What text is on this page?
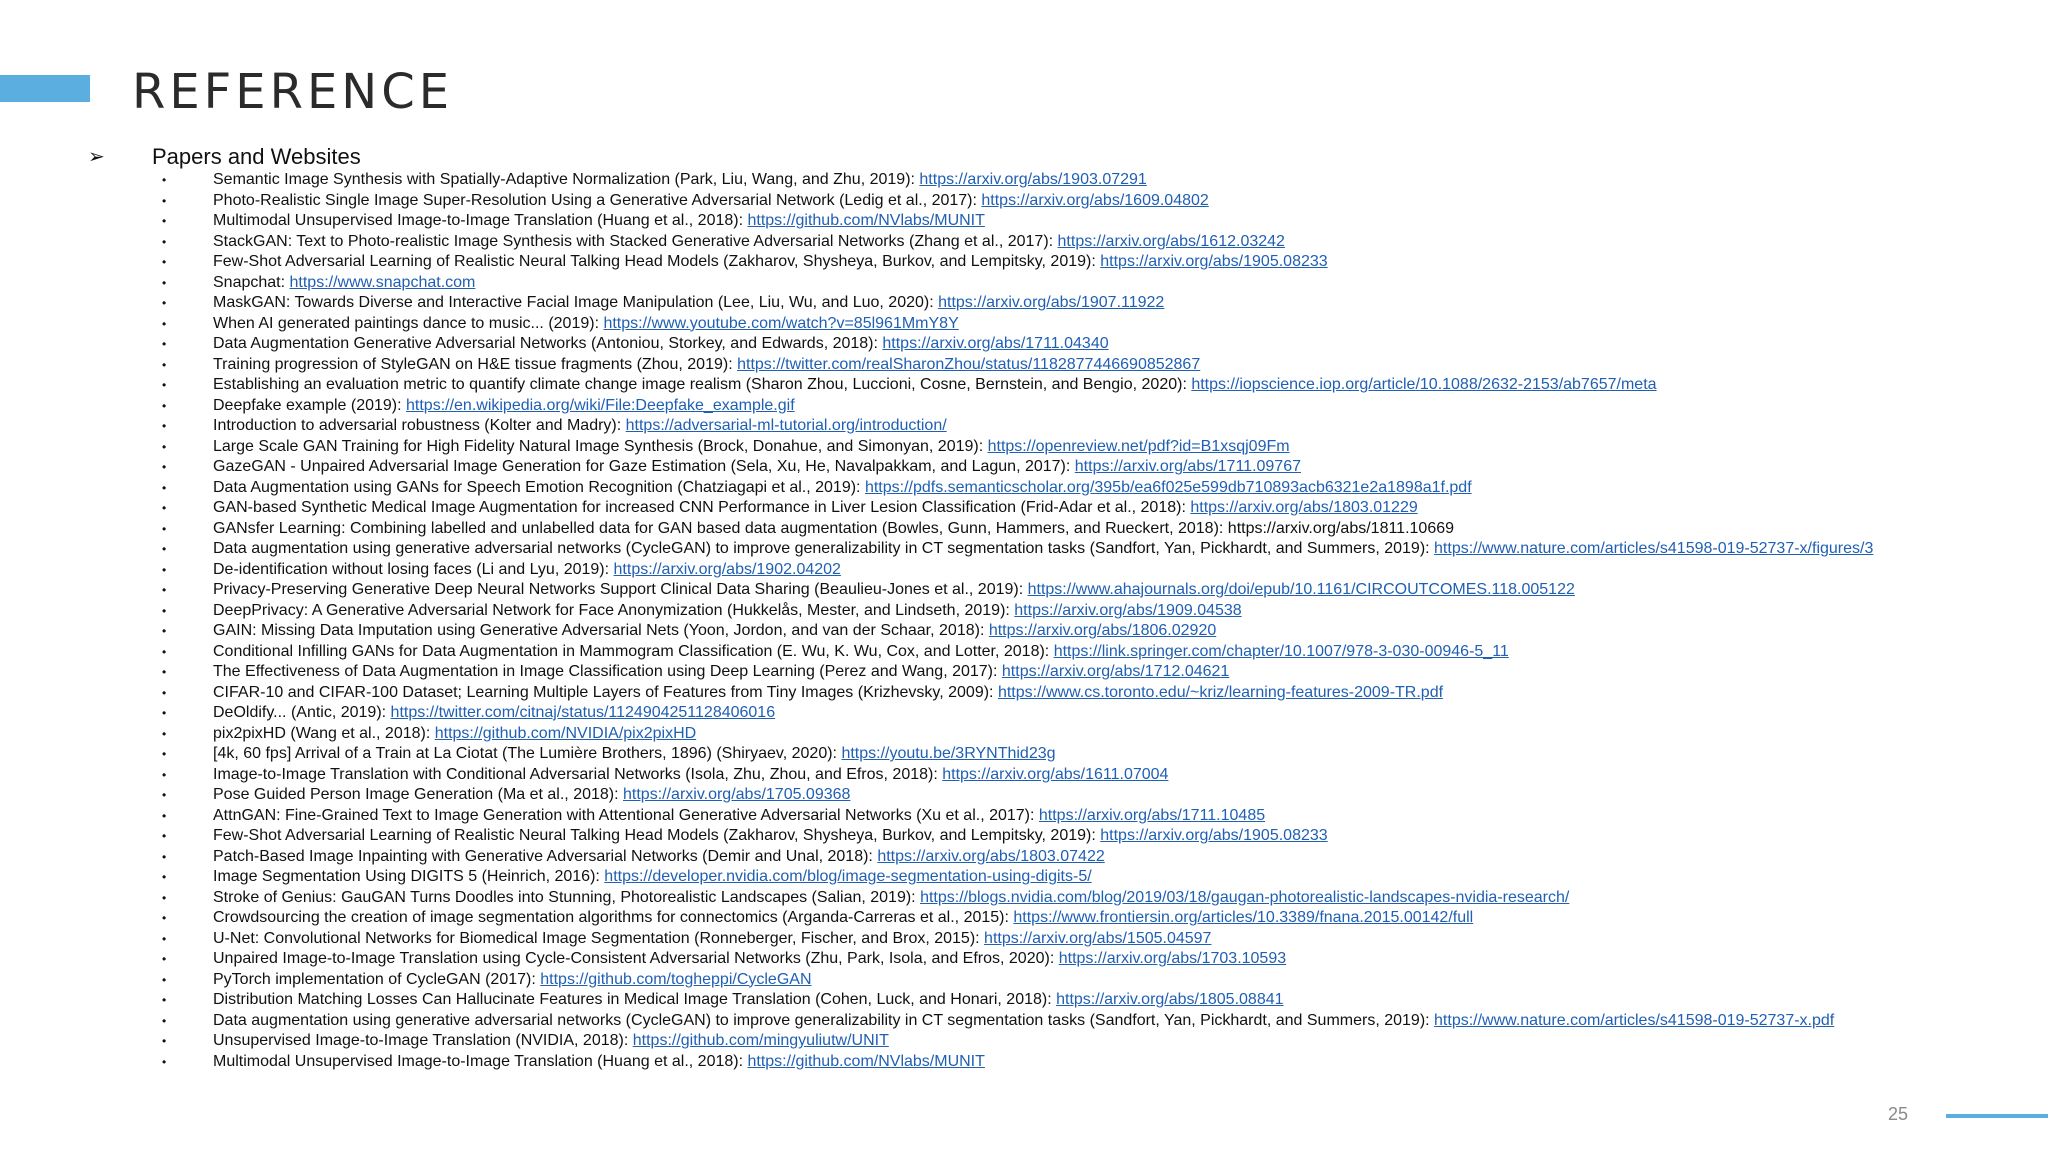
REFERENCE
➢ Papers and Websites
•	Semantic Image Synthesis with Spatially-Adaptive Normalization (Park, Liu, Wang, and Zhu, 2019): https://arxiv.org/abs/1903.07291
•	Photo-Realistic Single Image Super-Resolution Using a Generative Adversarial Network (Ledig et al., 2017): https://arxiv.org/abs/1609.04802
•	Multimodal Unsupervised Image-to-Image Translation (Huang et al., 2018): https://github.com/NVlabs/MUNIT
•	StackGAN: Text to Photo-realistic Image Synthesis with Stacked Generative Adversarial Networks (Zhang et al., 2017): https://arxiv.org/abs/1612.03242
•	Few-Shot Adversarial Learning of Realistic Neural Talking Head Models (Zakharov, Shysheya, Burkov, and Lempitsky, 2019): https://arxiv.org/abs/1905.08233
•	Snapchat: https://www.snapchat.com
•	MaskGAN: Towards Diverse and Interactive Facial Image Manipulation (Lee, Liu, Wu, and Luo, 2020): https://arxiv.org/abs/1907.11922
•	When AI generated paintings dance to music... (2019): https://www.youtube.com/watch?v=85l961MmY8Y
•	Data Augmentation Generative Adversarial Networks (Antoniou, Storkey, and Edwards, 2018): https://arxiv.org/abs/1711.04340
•	Training progression of StyleGAN on H&E tissue fragments (Zhou, 2019): https://twitter.com/realSharonZhou/status/1182877446690852867
•	Establishing an evaluation metric to quantify climate change image realism (Sharon Zhou, Luccioni, Cosne, Bernstein, and Bengio, 2020): https://iopscience.iop.org/article/10.1088/2632-2153/ab7657/meta
•	Deepfake example (2019): https://en.wikipedia.org/wiki/File:Deepfake_example.gif
•	Introduction to adversarial robustness (Kolter and Madry): https://adversarial-ml-tutorial.org/introduction/
•	Large Scale GAN Training for High Fidelity Natural Image Synthesis (Brock, Donahue, and Simonyan, 2019): https://openreview.net/pdf?id=B1xsqj09Fm
•	GazeGAN - Unpaired Adversarial Image Generation for Gaze Estimation (Sela, Xu, He, Navalpakkam, and Lagun, 2017): https://arxiv.org/abs/1711.09767
•	Data Augmentation using GANs for Speech Emotion Recognition (Chatziagapi et al., 2019): https://pdfs.semanticscholar.org/395b/ea6f025e599db710893acb6321e2a1898a1f.pdf
•	GAN-based Synthetic Medical Image Augmentation for increased CNN Performance in Liver Lesion Classification (Frid-Adar et al., 2018): https://arxiv.org/abs/1803.01229
•	GANsfer Learning: Combining labelled and unlabelled data for GAN based data augmentation (Bowles, Gunn, Hammers, and Rueckert, 2018): https://arxiv.org/abs/1811.10669
•	Data augmentation using generative adversarial networks (CycleGAN) to improve generalizability in CT segmentation tasks (Sandfort, Yan, Pickhardt, and Summers, 2019): https://www.nature.com/articles/s41598-019-52737-x/figures/3
•	De-identification without losing faces (Li and Lyu, 2019): https://arxiv.org/abs/1902.04202
•	Privacy-Preserving Generative Deep Neural Networks Support Clinical Data Sharing (Beaulieu-Jones et al., 2019): https://www.ahajournals.org/doi/epub/10.1161/CIRCOUTCOMES.118.005122
•	DeepPrivacy: A Generative Adversarial Network for Face Anonymization (Hukkelås, Mester, and Lindseth, 2019): https://arxiv.org/abs/1909.04538
•	GAIN: Missing Data Imputation using Generative Adversarial Nets (Yoon, Jordon, and van der Schaar, 2018): https://arxiv.org/abs/1806.02920
•	Conditional Infilling GANs for Data Augmentation in Mammogram Classification (E. Wu, K. Wu, Cox, and Lotter, 2018): https://link.springer.com/chapter/10.1007/978-3-030-00946-5_11
•	The Effectiveness of Data Augmentation in Image Classification using Deep Learning (Perez and Wang, 2017): https://arxiv.org/abs/1712.04621
•	CIFAR-10 and CIFAR-100 Dataset; Learning Multiple Layers of Features from Tiny Images (Krizhevsky, 2009): https://www.cs.toronto.edu/~kriz/learning-features-2009-TR.pdf
•	DeOldify... (Antic, 2019): https://twitter.com/citnaj/status/1124904251128406016
•	pix2pixHD (Wang et al., 2018): https://github.com/NVIDIA/pix2pixHD
•	[4k, 60 fps] Arrival of a Train at La Ciotat (The Lumière Brothers, 1896) (Shiryaev, 2020): https://youtu.be/3RYNThid23g
•	Image-to-Image Translation with Conditional Adversarial Networks (Isola, Zhu, Zhou, and Efros, 2018): https://arxiv.org/abs/1611.07004
•	Pose Guided Person Image Generation (Ma et al., 2018): https://arxiv.org/abs/1705.09368
•	AttnGAN: Fine-Grained Text to Image Generation with Attentional Generative Adversarial Networks (Xu et al., 2017): https://arxiv.org/abs/1711.10485
•	Few-Shot Adversarial Learning of Realistic Neural Talking Head Models (Zakharov, Shysheya, Burkov, and Lempitsky, 2019): https://arxiv.org/abs/1905.08233
•	Patch-Based Image Inpainting with Generative Adversarial Networks (Demir and Unal, 2018): https://arxiv.org/abs/1803.07422
•	Image Segmentation Using DIGITS 5 (Heinrich, 2016): https://developer.nvidia.com/blog/image-segmentation-using-digits-5/
•	Stroke of Genius: GauGAN Turns Doodles into Stunning, Photorealistic Landscapes (Salian, 2019): https://blogs.nvidia.com/blog/2019/03/18/gaugan-photorealistic-landscapes-nvidia-research/
•	Crowdsourcing the creation of image segmentation algorithms for connectomics (Arganda-Carreras et al., 2015): https://www.frontiersin.org/articles/10.3389/fnana.2015.00142/full
•	U-Net: Convolutional Networks for Biomedical Image Segmentation (Ronneberger, Fischer, and Brox, 2015): https://arxiv.org/abs/1505.04597
•	Unpaired Image-to-Image Translation using Cycle-Consistent Adversarial Networks (Zhu, Park, Isola, and Efros, 2020): https://arxiv.org/abs/1703.10593
•	PyTorch implementation of CycleGAN (2017): https://github.com/togheppi/CycleGAN
•	Distribution Matching Losses Can Hallucinate Features in Medical Image Translation (Cohen, Luck, and Honari, 2018): https://arxiv.org/abs/1805.08841
•	Data augmentation using generative adversarial networks (CycleGAN) to improve generalizability in CT segmentation tasks (Sandfort, Yan, Pickhardt, and Summers, 2019): https://www.nature.com/articles/s41598-019-52737-x.pdf
•	Unsupervised Image-to-Image Translation (NVIDIA, 2018): https://github.com/mingyuliutw/UNIT
•	Multimodal Unsupervised Image-to-Image Translation (Huang et al., 2018): https://github.com/NVlabs/MUNIT
25
